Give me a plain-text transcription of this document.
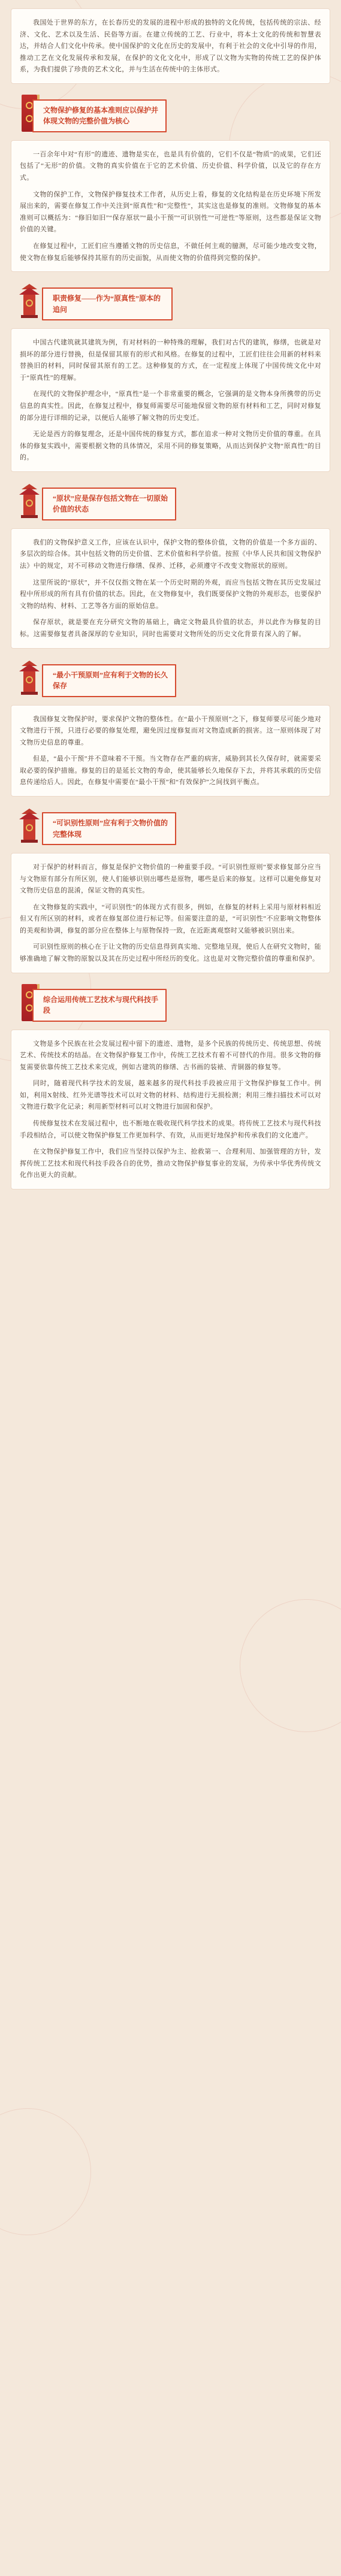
我国处于世界的东方，在长春历史的发展的进程中形成的独特的文化传统，包括传统的宗法、经济、文化、艺术以及生活、民俗等方面。在建立传统的工艺、行业中，将本土文化的传统和智慧表达，并结合人们文化中传承。使中国保护的文化在历史的发展中，有利于社会的文化中引导的作用，推动工艺在文化发展传承和发展，在保护的文化文化中，形成了以文物为实物的传统工艺的保护体系，为我们提供了珍贵的艺术文化，并与生活在传统中的主体形式。

文物保护修复的基本准则应以保护并体现文物的完整价值为核心

一百余年中对“有形”的遗迹、遗物是实在，也是具有价值的，它们不仅是“物质”的成果，它们还包括了“无形”的价值。文物的真实价值在于它的艺术价值、历史价值、科学价值，以及它的存在方式。

文物的保护工作，文物保护修复技术工作者，从历史上看，修复的文化结构是在历史环境下所发展出来的，需要在修复工作中关注到“原真性”和“完整性”，其实这也是修复的准则。文物修复的基本准则可以概括为：“修旧如旧”“保存原状”“最小干预”“可识别性”“可逆性”等原则，这些都是保证文物价值的关键。

在修复过程中，工匠们应当遵循文物的历史信息，不做任何主观的臆测，尽可能少地改变文物，使文物在修复后能够保持其原有的历史面貌，从而使文物的价值得到完整的保护。

职责修复——作为“原真性”原本的追问

中国古代建筑就其建筑为例，有对材料的一种特殊的理解，我们对古代的建筑，修缮，也就是对损坏的部分进行替换，但是保留其原有的形式和风格。在修复的过程中，工匠们往往会用新的材料来替换旧的材料，同时保留其原有的工艺。这种修复的方式，在一定程度上体现了中国传统文化中对于“原真性”的理解。

在现代的文物保护理念中，“原真性”是一个非常重要的概念，它强调的是文物本身所携带的历史信息的真实性。因此，在修复过程中，修复师需要尽可能地保留文物的原有材料和工艺，同时对修复的部分进行详细的记录，以便后人能够了解文物的历史变迁。

无论是西方的修复理念，还是中国传统的修复方式，都在追求一种对文物历史价值的尊重。在具体的修复实践中，需要根据文物的具体情况，采用不同的修复策略，从而达到保护文物“原真性”的目的。

“原状”应是保存包括文物在一切原始价值的状态

我们的文物保护意义工作，应该在认识中，保护文物的整体价值，文物的价值是一个多方面的、多层次的综合体。其中包括文物的历史价值、艺术价值和科学价值。按照《中华人民共和国文物保护法》中的规定，对不可移动文物进行修缮、保养、迁移，必须遵守不改变文物原状的原则。

这里所说的“原状”，并不仅仅指文物在某一个历史时期的外观，而应当包括文物在其历史发展过程中所形成的所有具有价值的状态。因此，在文物修复中，我们既要保护文物的外观形态，也要保护文物的结构、材料、工艺等各方面的原始信息。

保存原状，就是要在充分研究文物的基础上，确定文物最具价值的状态，并以此作为修复的目标。这需要修复者具备深厚的专业知识，同时也需要对文物所处的历史文化背景有深入的了解。

“最小干预原则”应有利于文物的长久保存

我国修复文物保护时，要求保护文物的整体性。在“最小干预原则”之下，修复师要尽可能少地对文物进行干预，只进行必要的修复处理，避免因过度修复而对文物造成新的损害。这一原则体现了对文物历史信息的尊重。

但是，“最小干预”并不意味着不干预。当文物存在严重的病害，威胁到其长久保存时，就需要采取必要的保护措施。修复的目的是延长文物的寿命，使其能够长久地保存下去，并将其承载的历史信息传递给后人。因此，在修复中需要在“最小干预”和“有效保护”之间找到平衡点。

“可识别性原则”应有利于文物价值的完整体现

对于保护的材料而言，修复是保护文物价值的一种重要手段。“可识别性原则”要求修复部分应当与文物原有部分有所区别，使人们能够识别出哪些是原物，哪些是后来的修复。这样可以避免修复对文物历史信息的混淆，保证文物的真实性。

在文物修复的实践中，“可识别性”的体现方式有很多，例如，在修复的材料上采用与原材料相近但又有所区别的材料，或者在修复部位进行标记等。但需要注意的是，“可识别性”不应影响文物整体的美观和协调，修复的部分应在整体上与原物保持一致，在近距离观察时又能够被识别出来。

可识别性原则的核心在于让文物的历史信息得到真实地、完整地呈现，使后人在研究文物时，能够准确地了解文物的原貌以及其在历史过程中所经历的变化。这也是对文物完整价值的尊重和保护。

综合运用传统工艺技术与现代科技手段

文物是多个民族在社会发展过程中留下的遗迹、遗物，是多个民族的传统历史、传统思想、传统艺术、传统技术的结晶。在文物保护修复工作中，传统工艺技术有着不可替代的作用。很多文物的修复需要依靠传统工艺技术来完成，例如古建筑的修缮、古书画的装裱、青铜器的修复等。

同时，随着现代科学技术的发展，越来越多的现代科技手段被应用于文物保护修复工作中。例如，利用X射线、红外光谱等技术可以对文物的材料、结构进行无损检测；利用三维扫描技术可以对文物进行数字化记录；利用新型材料可以对文物进行加固和保护。

传统修复技术在发展过程中，也不断地在吸收现代科学技术的成果。将传统工艺技术与现代科技手段相结合，可以使文物保护修复工作更加科学、有效，从而更好地保护和传承我们的文化遗产。

在文物保护修复工作中，我们应当坚持以保护为主、抢救第一、合理利用、加强管理的方针，发挥传统工艺技术和现代科技手段各自的优势，推动文物保护修复事业的发展，为传承中华优秀传统文化作出更大的贡献。
